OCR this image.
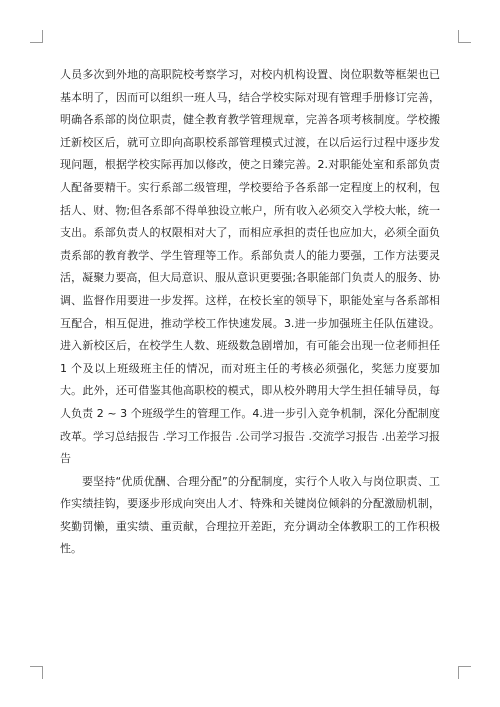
人员多次到外地的高职院校考察学习，对校内机构设置、岗位职数等框架也已基本明了，因而可以组织一班人马，结合学校实际对现有管理手册修订完善，明确各系部的岗位职责，健全教育教学管理规章，完善各项考核制度。学校搬迁新校区后，就可立即向高职校系部管理模式过渡，在以后运行过程中逐步发现问题，根据学校实际再加以修改，使之日臻完善。2.对职能处室和系部负责人配备要精干。实行系部二级管理，学校要给予各系部一定程度上的权利，包括人、财、物;但各系部不得单独设立帐户，所有收入必须交入学校大帐，统一支出。系部负责人的权限相对大了，而相应承担的责任也应加大，必须全面负责系部的教育教学、学生管理等工作。系部负责人的能力要强，工作方法要灵活，凝聚力要高，但大局意识、服从意识更要强;各职能部门负责人的服务、协调、监督作用要进一步发挥。这样，在校长室的领导下，职能处室与各系部相互配合，相互促进，推动学校工作快速发展。3.进一步加强班主任队伍建设。进入新校区后，在校学生人数、班级数急剧增加，有可能会出现一位老师担任 1 个及以上班级班主任的情况，而对班主任的考核必须强化，奖惩力度要加大。此外，还可借鉴其他高职校的模式，即从校外聘用大学生担任辅导员，每人负责 2 ~ 3 个班级学生的管理工作。4.进一步引入竞争机制，深化分配制度改革。学习总结报告 .学习工作报告 .公司学习报告 .交流学习报告 .出差学习报告

要坚持“优质优酬、合理分配”的分配制度，实行个人收入与岗位职责、工作实绩挂钩，要逐步形成向突出人才、特殊和关键岗位倾斜的分配激励机制，奖勤罚懒，重实绩、重贡献，合理拉开差距，充分调动全体教职工的工作积极性。
